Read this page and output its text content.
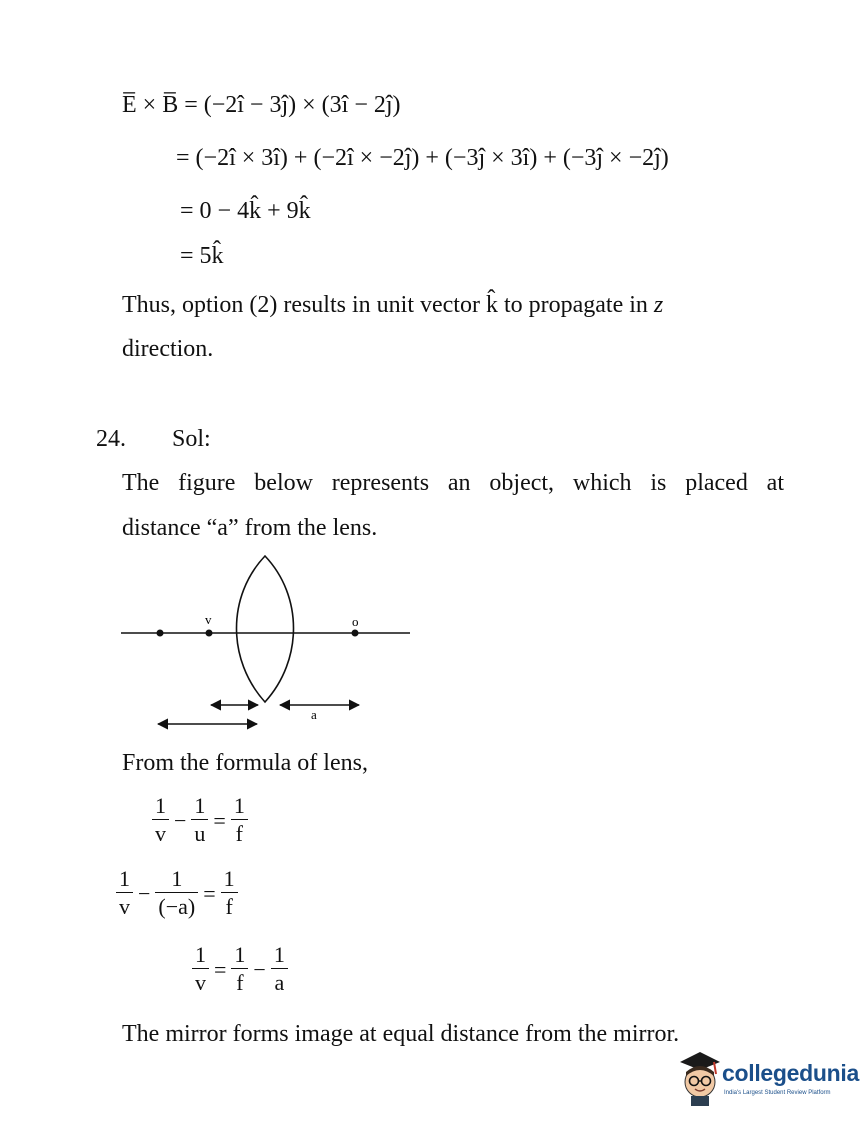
E̅ × B̅ = (−2î − 3ĵ) × (3î − 2ĵ)
= (−2î × 3î) + (−2î × −2ĵ) + (−3ĵ × 3î) + (−3ĵ × −2ĵ)
= 0 − 4k̂ + 9k̂
= 5k̂
Thus, option (2) results in unit vector k̂ to propagate in z
direction.
24. Sol:
The figure below represents an object, which is placed at
distance “a” from the lens.
v	o
a
From the formula of lens,
$\frac{1}{v} - \frac{1}{u} = \frac{1}{f}$
$\frac{1}{v} - \frac{1}{(-a)} = \frac{1}{f}$
$\frac{1}{v} = \frac{1}{f} - \frac{1}{a}$
The mirror forms image at equal distance from the mirror.
collegedunia
India's Largest Student Review Platform
